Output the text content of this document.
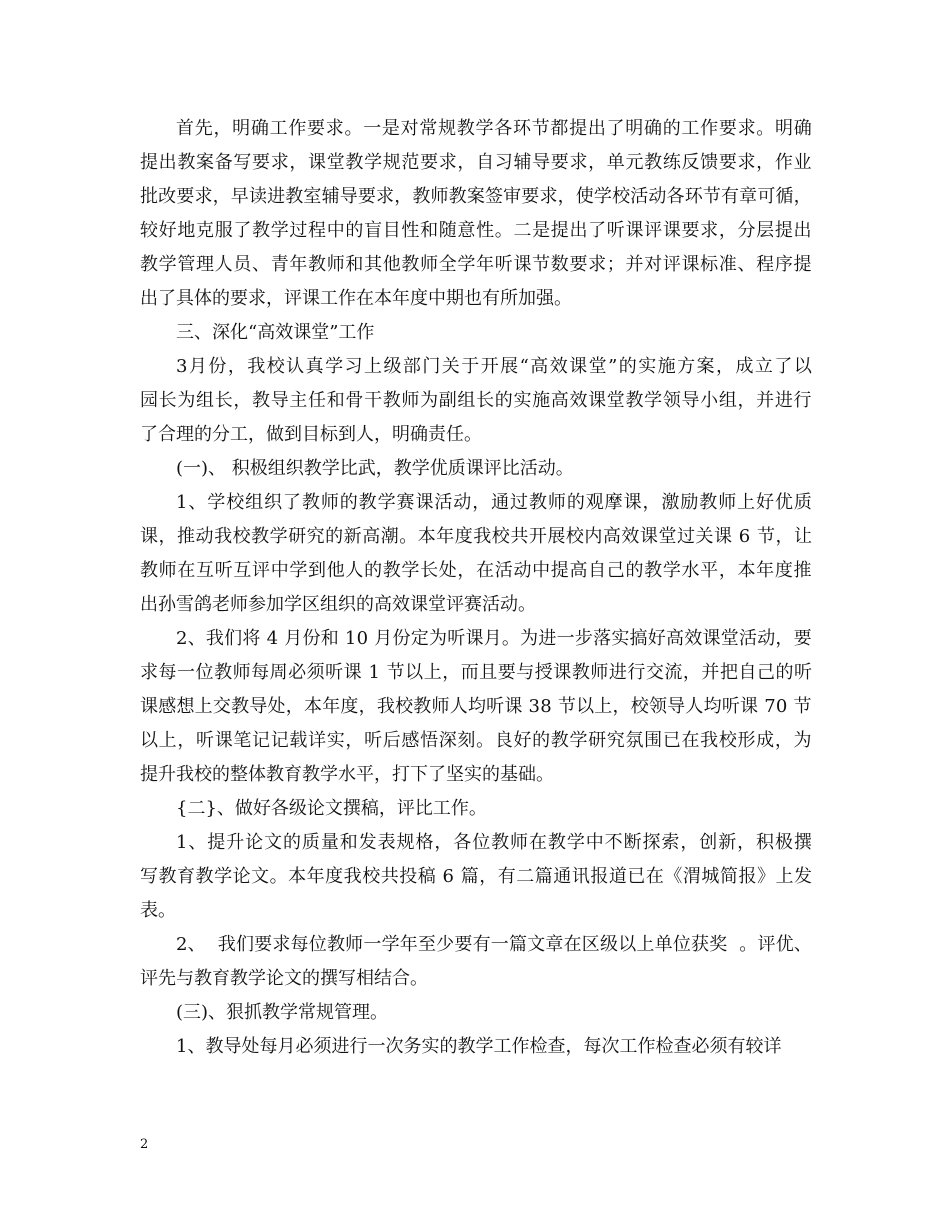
首 先 ， 明 确 工 作 要 求 。 一 是 对 常 规 教 学 各 环 节 都 提 出 了 明 确 的 工 作 要 求 。 明 确
提 出 教 案 备 写 要 求 ， 课 堂 教 学 规 范 要 求 ， 自 习 辅 导 要 求 ， 单 元 教 练 反 馈 要 求 ， 作 业
批 改 要 求 ， 早 读 进 教 室 辅 导 要 求 ， 教 师 教 案 签 审 要 求 ， 使 学 校 活 动 各 环 节 有 章 可 循 ，
较 好 地 克 服 了 教 学 过 程 中 的 盲 目 性 和 随 意 性 。 二 是 提 出 了 听 课 评 课 要 求 ， 分 层 提 出
教 学 管 理 人 员 、 青 年 教 师 和 其 他 教 师 全 学 年 听 课 节 数 要 求 ； 并 对 评 课 标 准 、 程 序 提
出了具体的要求，评课工作在本年度中期也有所加强。
三、深化“高效课堂”工作
3 月 份 ， 我 校 认 真 学 习 上 级 部 门 关 于 开 展 “ 高 效 课 堂 ” 的 实 施 方 案 ， 成 立 了 以
园 长 为 组 长 ， 教 导 主 任 和 骨 干 教 师 为 副 组 长 的 实 施 高 效 课 堂 教 学 领 导 小 组 ， 并 进 行
了合理的分工，做到目标到人，明确责任。
(一)、 积极组织教学比武，教学优质课评比活动。
1 、 学 校 组 织 了 教 师 的 教 学 赛 课 活 动 ， 通 过 教 师 的 观 摩 课 ， 激 励 教 师 上 好 优 质
课 ， 推 动 我 校 教 学 研 究 的 新 高 潮 。 本 年 度 我 校 共 开 展 校 内 高 效 课 堂 过 关 课
6
节 ， 让
教 师 在 互 听 互 评 中 学 到 他 人 的 教 学 长 处 ， 在 活 动 中 提 高 自 己 的 教 学 水 平 ， 本 年 度 推
出孙雪鸽老师参加学区组织的高效课堂评赛活动。
2 、 我 们 将
4
月 份 和
1 0
月 份 定 为 听 课 月 。 为 进 一 步 落 实 搞 好 高 效 课 堂 活 动 ， 要
求 每 一 位 教 师 每 周 必 须 听 课
1
节 以 上 ， 而 且 要 与 授 课 教 师 进 行 交 流 ， 并 把 自 己 的 听
课 感 想 上 交 教 导 处 ， 本 年 度 ， 我 校 教 师 人 均 听 课
3 8
节 以 上 ， 校 领 导 人 均 听 课
7 0
节
以 上 ， 听 课 笔 记 记 载 详 实 ， 听 后 感 悟 深 刻 。 良 好 的 教 学 研 究 氛 围 已 在 我 校 形 成 ， 为
提升我校的整体教育教学水平，打下了坚实的基础。
{二}、做好各级论文撰稿，评比工作。
1 、 提 升 论 文 的 质 量 和 发 表 规 格 ， 各 位 教 师 在 教 学 中 不 断 探 索 ， 创 新 ， 积 极 撰
写 教 育 教 学 论 文 。 本 年 度 我 校 共 投 稿
6
篇 ， 有 二 篇 通 讯 报 道 已 在 《 渭 城 简 报 》 上 发
表。
2 、

我 们 要 求 每 位 教 师 一 学 年 至 少 要 有 一 篇 文 章 在 区 级 以 上 单 位 获 奖

。 评 优 、
评先与教育教学论文的撰写相结合。
(三)、狠抓教学常规管理。
1、教导处每月必须进行一次务实的教学工作检查，每次工作检查必须有较详
2
